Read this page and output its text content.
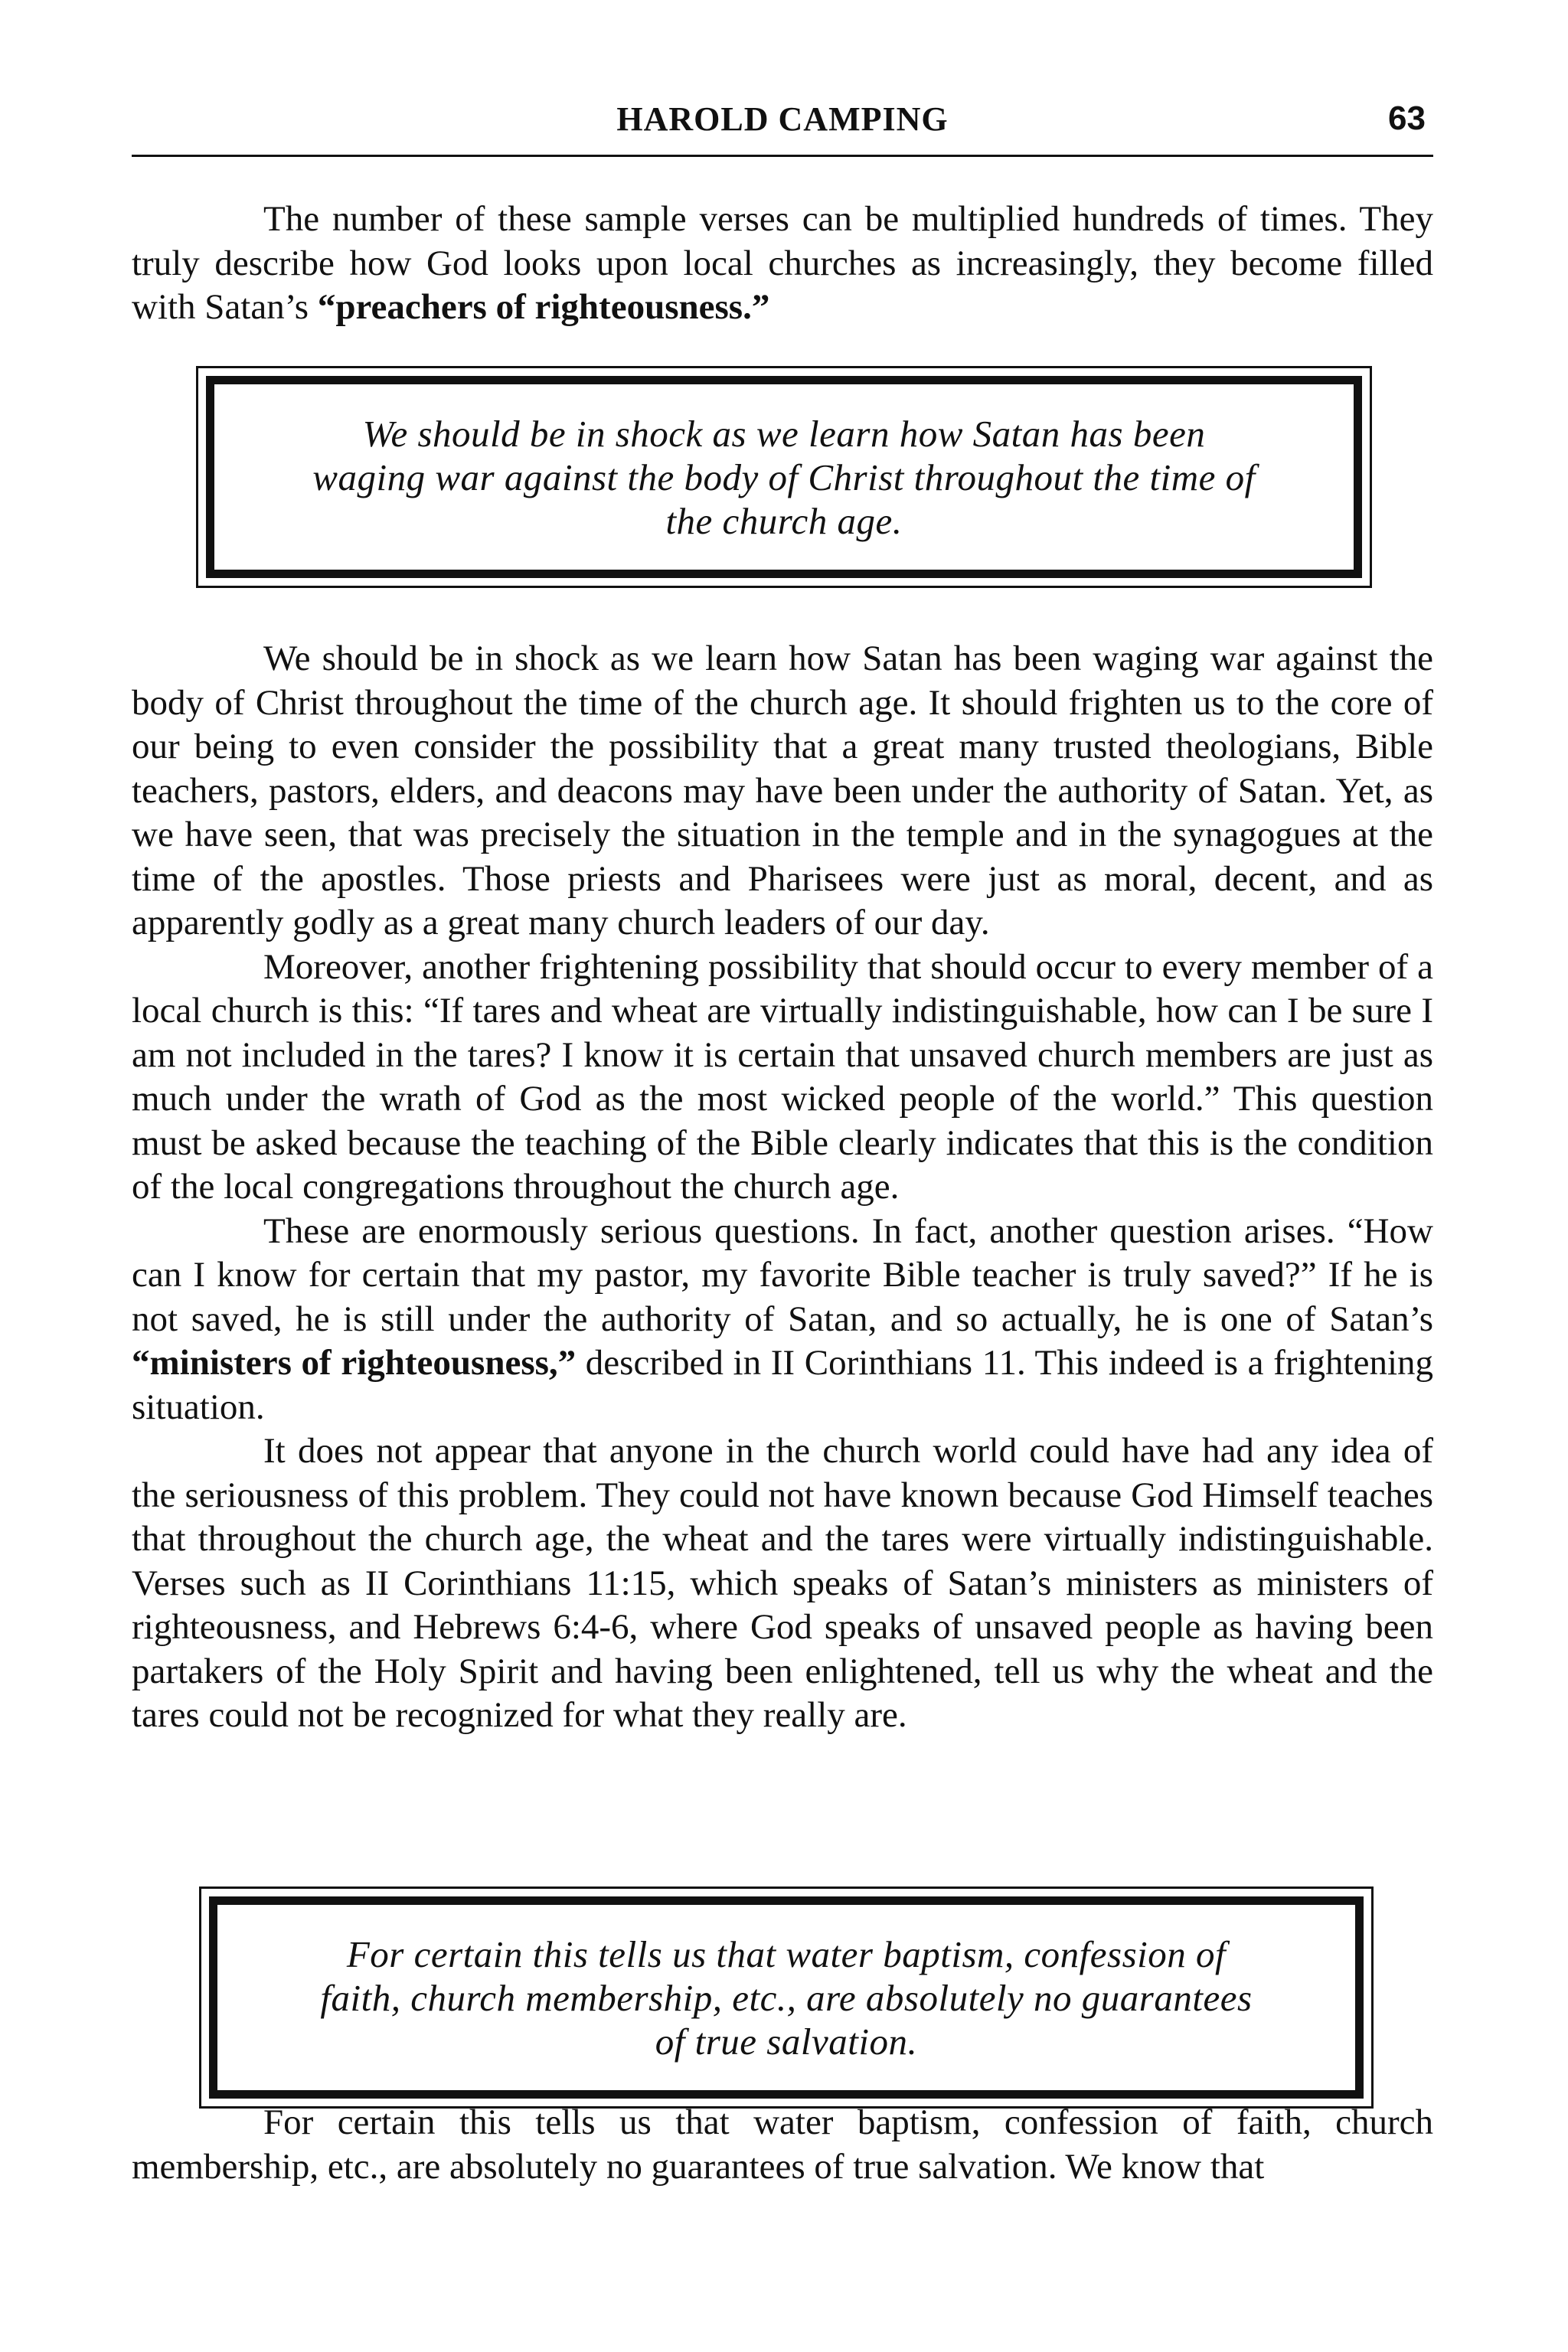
HAROLD CAMPING	63

The number of these sample verses can be multiplied hundreds of times. They truly describe how God looks upon local churches as increasingly, they become filled with Satan’s “preachers of righteousness.”

We should be in shock as we learn how Satan has been waging war against the body of Christ throughout the time of the church age.

We should be in shock as we learn how Satan has been waging war against the body of Christ throughout the time of the church age. It should frighten us to the core of our being to even consider the possibility that a great many trusted theologians, Bible teachers, pastors, elders, and deacons may have been under the authority of Satan. Yet, as we have seen, that was precisely the situation in the temple and in the synagogues at the time of the apostles. Those priests and Pharisees were just as moral, decent, and as apparently godly as a great many church leaders of our day.

Moreover, another frightening possibility that should occur to every member of a local church is this: “If tares and wheat are virtually indistinguishable, how can I be sure I am not included in the tares? I know it is certain that unsaved church members are just as much under the wrath of God as the most wicked people of the world.” This question must be asked because the teaching of the Bible clearly indicates that this is the condition of the local congregations throughout the church age.

These are enormously serious questions. In fact, another question arises. “How can I know for certain that my pastor, my favorite Bible teacher is truly saved?” If he is not saved, he is still under the authority of Satan, and so actually, he is one of Satan’s “ministers of righteousness,” described in II Corinthians 11. This indeed is a frightening situation.

It does not appear that anyone in the church world could have had any idea of the seriousness of this problem. They could not have known because God Himself teaches that throughout the church age, the wheat and the tares were virtually indistinguishable. Verses such as II Corinthians 11:15, which speaks of Satan’s ministers as ministers of righteousness, and Hebrews 6:4-6, where God speaks of unsaved people as having been partakers of the Holy Spirit and having been enlightened, tell us why the wheat and the tares could not be recognized for what they really are.

For certain this tells us that water baptism, confession of faith, church membership, etc., are absolutely no guarantees of true salvation.

For certain this tells us that water baptism, confession of faith, church membership, etc., are absolutely no guarantees of true salvation. We know that
